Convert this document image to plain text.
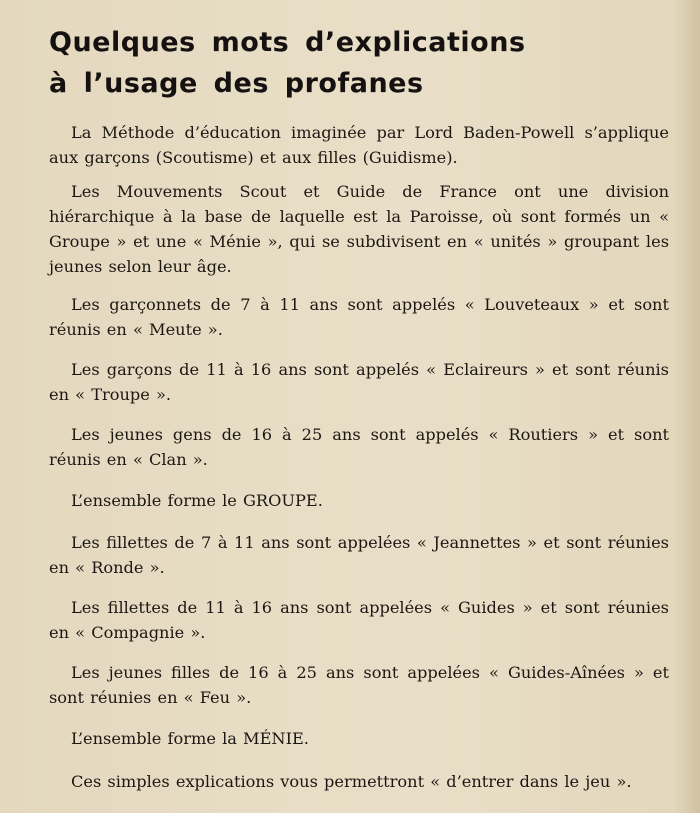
Quelques mots d’explications
à l’usage des profanes

La Méthode d’éducation imaginée par Lord Baden-Powell s’applique aux garçons (Scoutisme) et aux filles (Guidisme).

Les Mouvements Scout et Guide de France ont une division hiérarchique à la base de laquelle est la Paroisse, où sont formés un « Groupe » et une « Ménie », qui se subdivisent en « unités » groupant les jeunes selon leur âge.

Les garçonnets de 7 à 11 ans sont appelés « Louveteaux » et sont réunis en « Meute ».

Les garçons de 11 à 16 ans sont appelés « Eclaireurs » et sont réunis en « Troupe ».

Les jeunes gens de 16 à 25 ans sont appelés « Routiers » et sont réunis en « Clan ».

L’ensemble forme le GROUPE.

Les fillettes de 7 à 11 ans sont appelées « Jeannettes » et sont réunies en « Ronde ».

Les fillettes de 11 à 16 ans sont appelées « Guides » et sont réunies en « Compagnie ».

Les jeunes filles de 16 à 25 ans sont appelées « Guides-Aînées » et sont réunies en « Feu ».

L’ensemble forme la MÉNIE.

Ces simples explications vous permettront « d’entrer dans le jeu ».
